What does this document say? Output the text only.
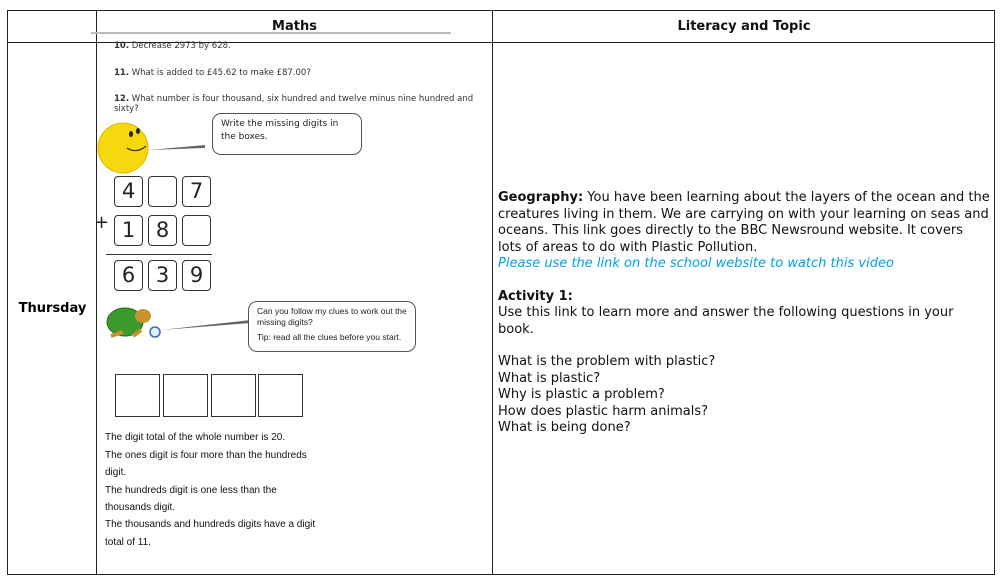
Maths	Literacy and Topic
Thursday
10. Decrease 2973 by 628.
11. What is added to £45.62 to make £87.00?
12. What number is four thousand, six hundred and twelve minus nine hundred and sixty?
Write the missing digits in the boxes.
4	7
+ 1 8
6 3 9
Can you follow my clues to work out the missing digits?
Tip: read all the clues before you start.
The digit total of the whole number is 20.
The ones digit is four more than the hundreds
digit.
The hundreds digit is one less than the
thousands digit.
The thousands and hundreds digits have a digit
total of 11.

Geography: You have been learning about the layers of the ocean and the creatures living in them. We are carrying on with your learning on seas and oceans. This link goes directly to the BBC Newsround website. It covers lots of areas to do with Plastic Pollution.

Please use the link on the school website to watch this video

Activity 1:

Use this link to learn more and answer the following questions in your book.

What is the problem with plastic?

What is plastic?

Why is plastic a problem?

How does plastic harm animals?

What is being done?
